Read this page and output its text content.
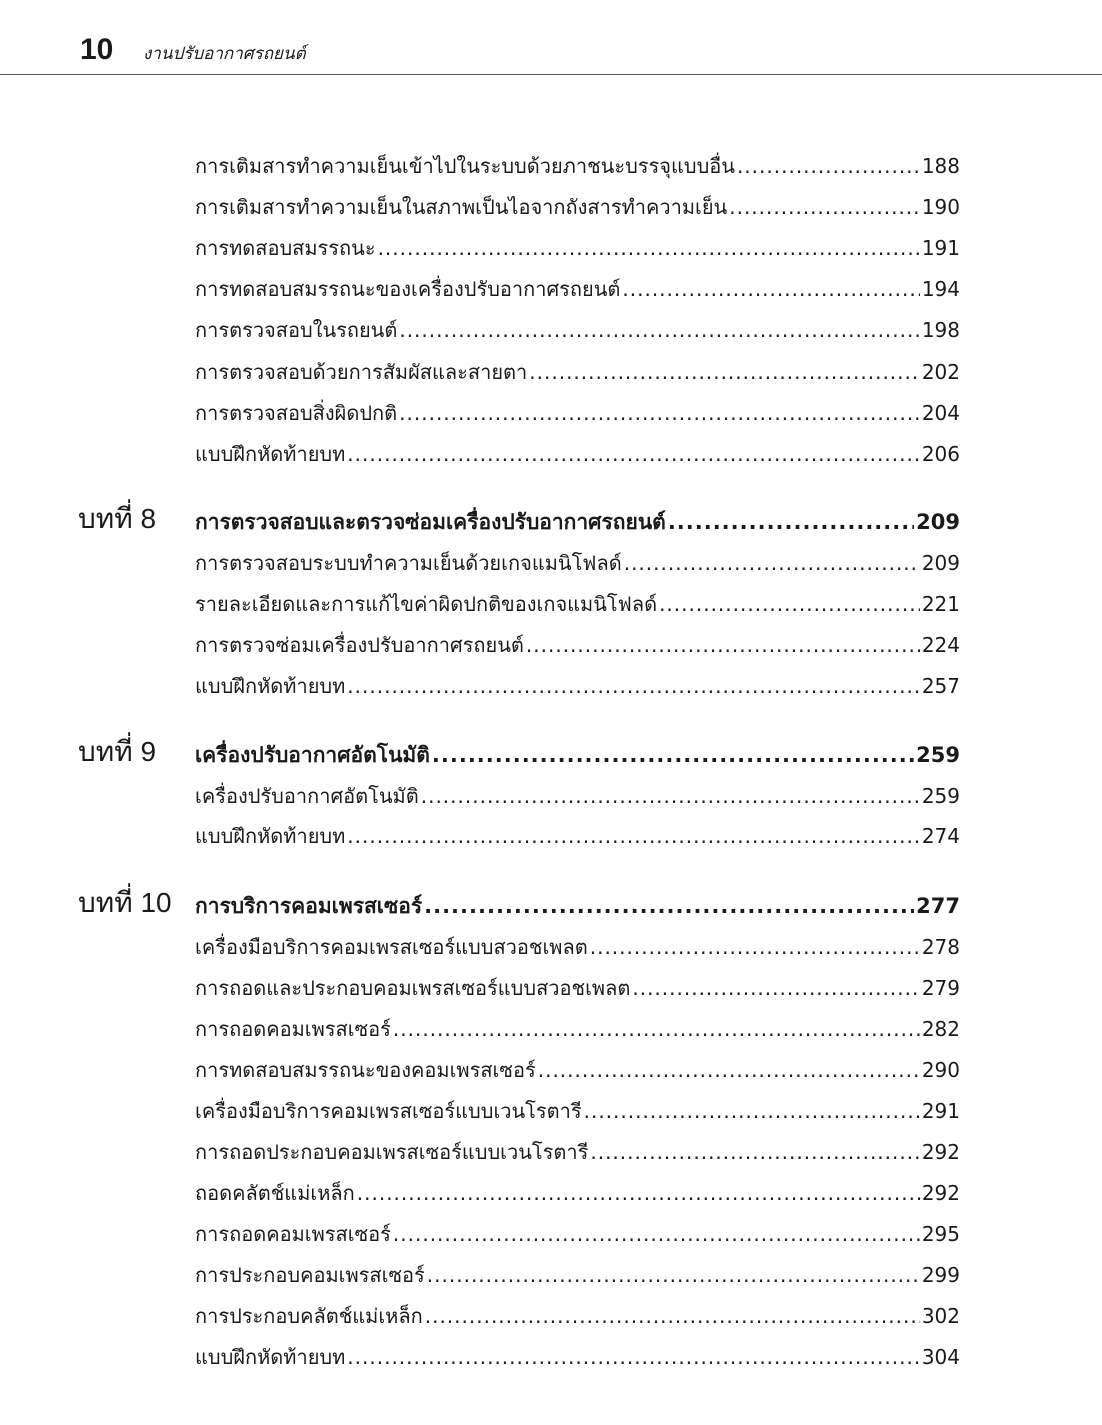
10 งานปรับอากาศรถยนต์
การเติมสารทำความเย็นเข้าไปในระบบด้วยภาชนะบรรจุแบบอื่น .....	188
การเติมสารทำความเย็นในสภาพเป็นไอจากถังสารทำความเย็น .....	190
การทดสอบสมรรถนะ .....	191
การทดสอบสมรรถนะของเครื่องปรับอากาศรถยนต์ .....	194
การตรวจสอบในรถยนต์ .....	198
การตรวจสอบด้วยการสัมผัสและสายตา .....	202
การตรวจสอบสิ่งผิดปกติ .....	204
แบบฝึกหัดท้ายบท .....	206
บทที่ 8 การตรวจสอบและตรวจซ่อมเครื่องปรับอากาศรถยนต์ .....	209
การตรวจสอบระบบทำความเย็นด้วยเกจแมนิโฟลด์ .....	209
รายละเอียดและการแก้ไขค่าผิดปกติของเกจแมนิโฟลด์ .....	221
การตรวจซ่อมเครื่องปรับอากาศรถยนต์ .....	224
แบบฝึกหัดท้ายบท .....	257
บทที่ 9 เครื่องปรับอากาศอัตโนมัติ .....	259
เครื่องปรับอากาศอัตโนมัติ .....	259
แบบฝึกหัดท้ายบท .....	274
บทที่ 10 การบริการคอมเพรสเซอร์ .....	277
เครื่องมือบริการคอมเพรสเซอร์แบบสวอชเพลต .....	278
การถอดและประกอบคอมเพรสเซอร์แบบสวอชเพลต .....	279
การถอดคอมเพรสเซอร์ .....	282
การทดสอบสมรรถนะของคอมเพรสเซอร์ .....	290
เครื่องมือบริการคอมเพรสเซอร์แบบเวนโรตารี .....	291
การถอดประกอบคอมเพรสเซอร์แบบเวนโรตารี .....	292
ถอดคลัตช์แม่เหล็ก .....	292
การถอดคอมเพรสเซอร์ .....	295
การประกอบคอมเพรสเซอร์ .....	299
การประกอบคลัตช์แม่เหล็ก .....	302
แบบฝึกหัดท้ายบท .....	304
